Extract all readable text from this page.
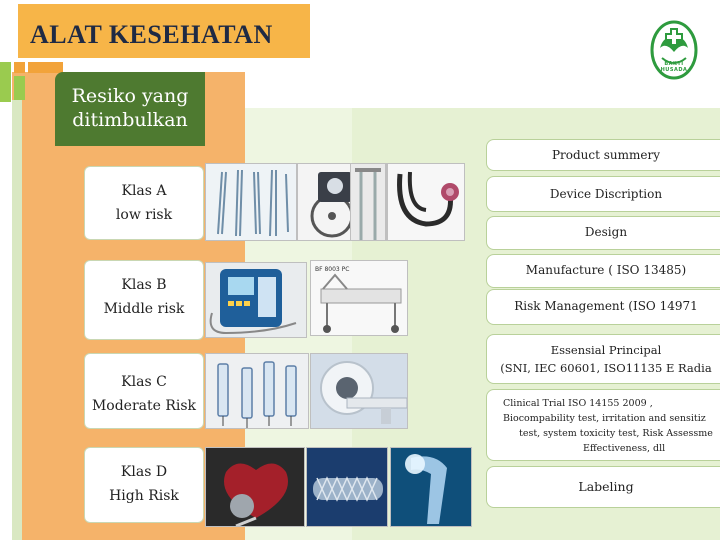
ALAT KESEHATAN
BAKTI HUSADA
Resiko yang
ditimbulkan
Klas A
low risk
Klas B
Middle risk
Klas C
Moderate Risk
Klas D
High Risk
BF 8003 PC
Product summery
Device Discription
Design
Manufacture ( ISO 13485)
Risk Management (ISO 14971
Essensial Principal
(SNI, IEC 60601, ISO11135 E Radia
Clinical Trial ISO 14155 2009 ,
Biocompability test, irritation and sensitiz
test, system toxicity test, Risk Assessme
Effectiveness, dll
Labeling
